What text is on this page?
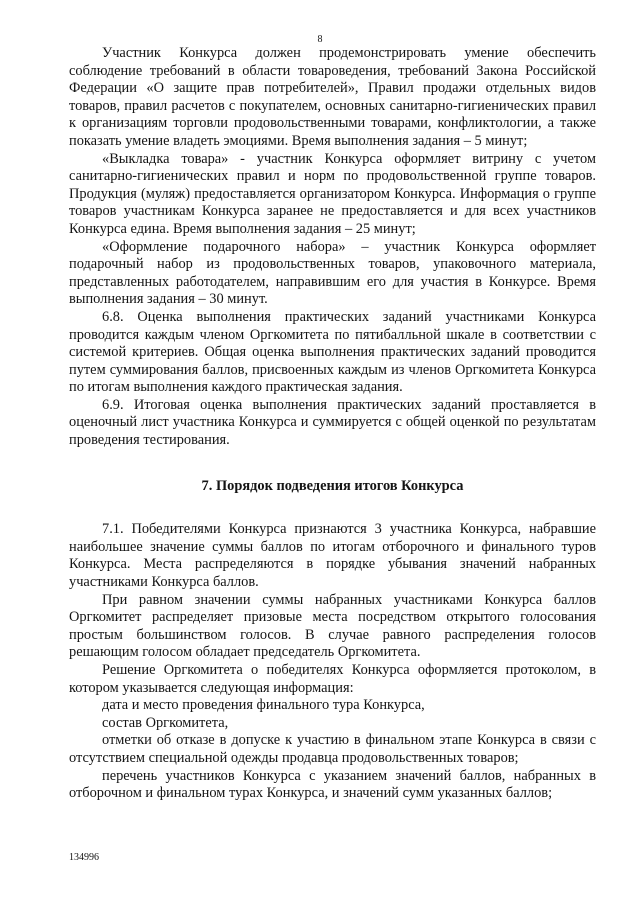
8

Участник Конкурса должен продемонстрировать умение обеспечить соблюдение требований в области товароведения, требований Закона Российской Федерации «О защите прав потребителей», Правил продажи отдельных видов товаров, правил расчетов с покупателем, основных санитарно-гигиенических правил к организациям торговли продовольственными товарами, конфликтологии, а также показать умение владеть эмоциями. Время выполнения задания – 5 минут;

«Выкладка товара» - участник Конкурса оформляет витрину с учетом санитарно-гигиенических правил и норм по продовольственной группе товаров. Продукция (муляж) предоставляется организатором Конкурса. Информация о группе товаров участникам Конкурса заранее не предоставляется и для всех участников Конкурса едина. Время выполнения задания – 25 минут;

«Оформление подарочного набора» – участник Конкурса оформляет подарочный набор из продовольственных товаров, упаковочного материала, представленных работодателем, направившим его для участия в Конкурсе. Время выполнения задания – 30 минут.

6.8. Оценка выполнения практических заданий участниками Конкурса проводится каждым членом Оргкомитета по пятибалльной шкале в соответствии с системой критериев. Общая оценка выполнения практических заданий проводится путем суммирования баллов, присвоенных каждым из членов Оргкомитета Конкурса по итогам выполнения каждого практическая задания.

6.9. Итоговая оценка выполнения практических заданий проставляется в оценочный лист участника Конкурса и суммируется с общей оценкой по результатам проведения тестирования.

7. Порядок подведения итогов Конкурса

7.1. Победителями Конкурса признаются 3 участника Конкурса, набравшие наибольшее значение суммы баллов по итогам отборочного и финального туров Конкурса. Места распределяются в порядке убывания значений набранных участниками Конкурса баллов.

При равном значении суммы набранных участниками Конкурса баллов Оргкомитет распределяет призовые места посредством открытого голосования простым большинством голосов. В случае равного распределения голосов решающим голосом обладает председатель Оргкомитета.

Решение Оргкомитета о победителях Конкурса оформляется протоколом, в котором указывается следующая информация:

дата и место проведения финального тура Конкурса,

состав Оргкомитета,

отметки об отказе в допуске к участию в финальном этапе Конкурса в связи с отсутствием специальной одежды продавца продовольственных товаров;

перечень участников Конкурса с указанием значений баллов, набранных в отборочном и финальном турах Конкурса, и значений сумм указанных баллов;

134996
